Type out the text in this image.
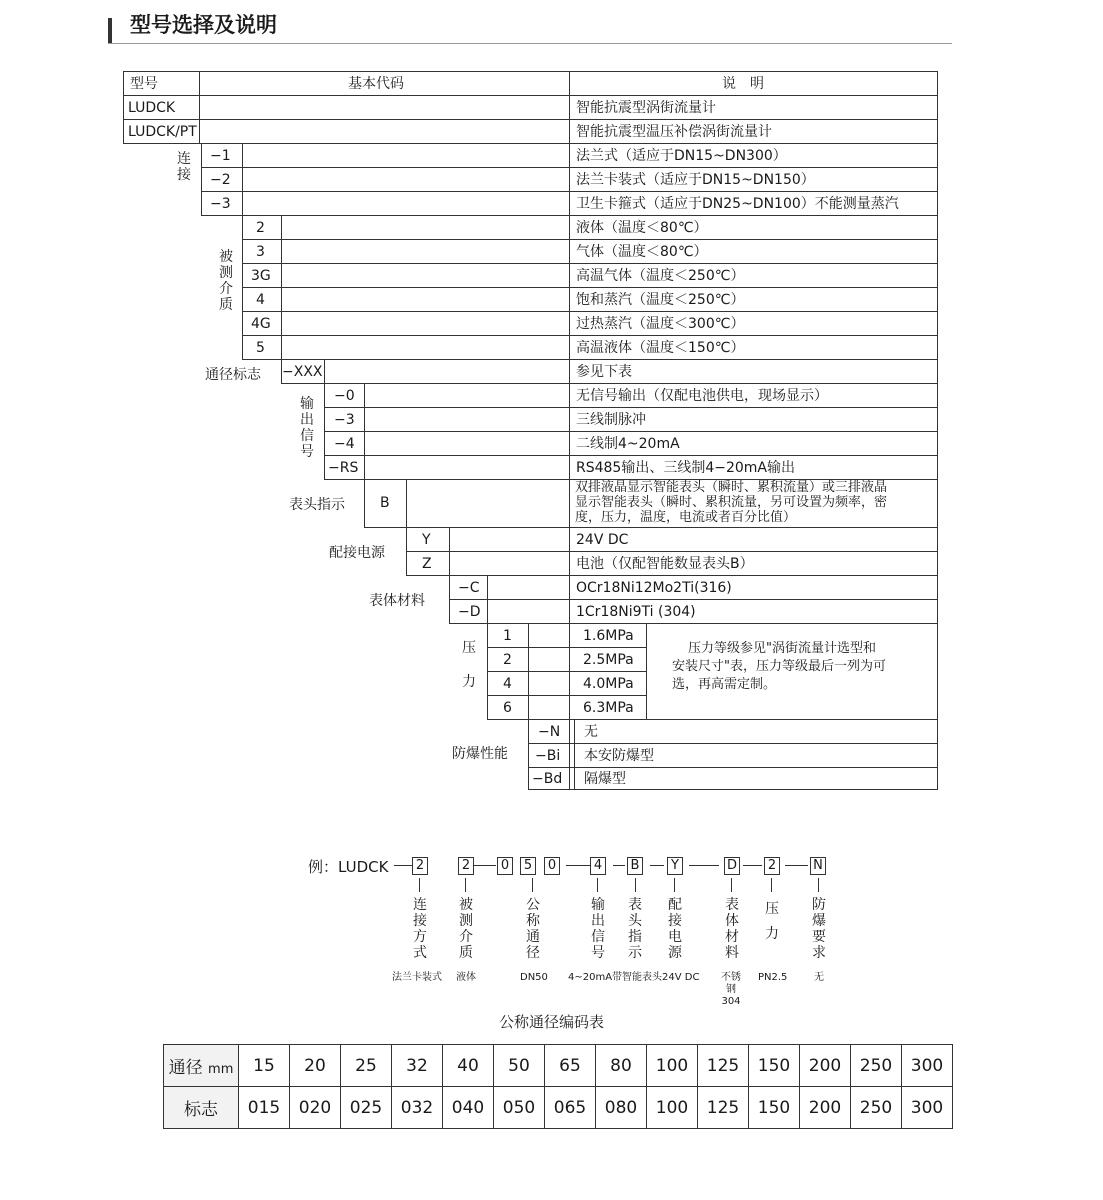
型号选择及说明
型号	基本代码	说　明
LUDCK	智能抗震型涡街流量计
LUDCK/PT	智能抗震型温压补偿涡街流量计
连接
−1	法兰式（适应于DN15~DN300）
−2	法兰卡装式（适应于DN15~DN150）
−3	卫生卡箍式（适应于DN25~DN100）不能测量蒸汽
被测介质
2	液体（温度＜80℃）
3	气体（温度＜80℃）
3G	高温气体（温度＜250℃）
4	饱和蒸汽（温度＜250℃）
4G	过热蒸汽（温度＜300℃）
5	高温液体（温度＜150℃）
通径标志 −XXX	参见下表
输出信号
−0	无信号输出（仅配电池供电，现场显示）
−3	三线制脉冲
−4	二线制4~20mA
−RS	RS485输出、三线制4−20mA输出
表头指示	B
双排液晶显示智能表头（瞬时、累积流量）或三排液晶
显示智能表头（瞬时、累积流量，另可设置为频率，密
度，压力，温度，电流或者百分比值）
配接电源
Y	24V DC
Z	电池（仅配智能数显表头B）
表体材料
−C	OCr18Ni12Mo2Ti(316)
−D	1Cr18Ni9Ti (304)
压力
1	1.6MPa
2	2.5MPa
4	4.0MPa
6	6.3MPa
压力等级参见"涡街流量计选型和
安装尺寸"表，压力等级最后一列为可
选，再高需定制。
防爆性能
−N 无
−Bi 本安防爆型
−Bd 隔爆型
例：LUDCK 2	2 0 5 0	4 B	Y	D 2	N
连接方式
被测介质
公称通径
输出信号
表头指示
配接电源
表体材料
压　力
防爆要求
法兰卡装式 液体	DN50 4~20mA带智能表头24V DC	不锈钢304
PN2.5	无
公称通径编码表
通径 mm	15	20	25	32	40	50	65	80	100	125	150	200	250	300
标志	015	020	025	032	040	050	065	080	100	125	150	200	250	300
